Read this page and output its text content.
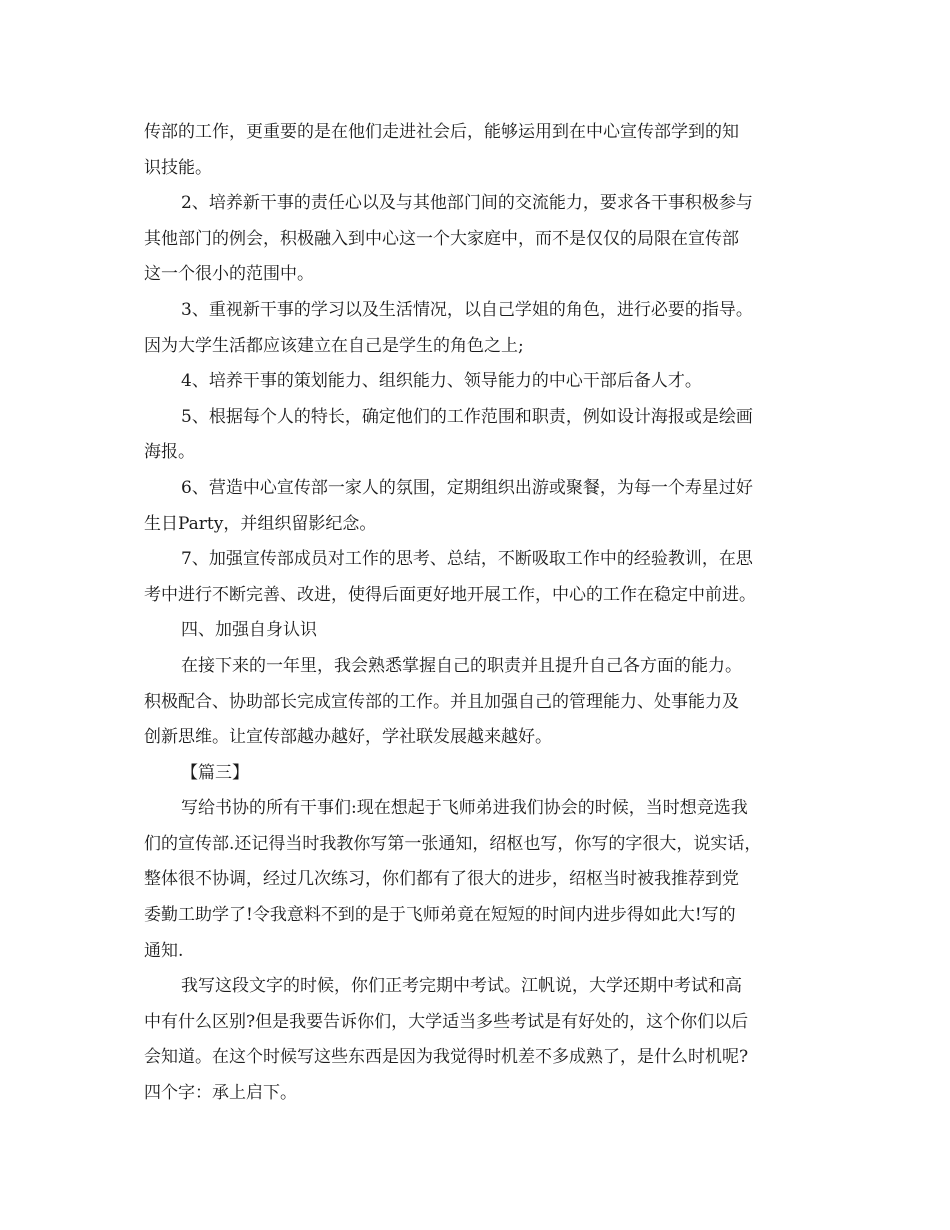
传部的工作，更重要的是在他们走进社会后，能够运用到在中心宣传部学到的知
识技能。
2、培养新干事的责任心以及与其他部门间的交流能力，要求各干事积极参与
其他部门的例会，积极融入到中心这一个大家庭中，而不是仅仅的局限在宣传部
这一个很小的范围中。
3、重视新干事的学习以及生活情况，以自己学姐的角色，进行必要的指导。
因为大学生活都应该建立在自己是学生的角色之上;
4、培养干事的策划能力、组织能力、领导能力的中心干部后备人才。
5、根据每个人的特长，确定他们的工作范围和职责，例如设计海报或是绘画
海报。
6、营造中心宣传部一家人的氛围，定期组织出游或聚餐，为每一个寿星过好
生日Party，并组织留影纪念。
7、加强宣传部成员对工作的思考、总结，不断吸取工作中的经验教训，在思
考中进行不断完善、改进，使得后面更好地开展工作，中心的工作在稳定中前进。
四、加强自身认识
在接下来的一年里，我会熟悉掌握自己的职责并且提升自己各方面的能力。
积极配合、协助部长完成宣传部的工作。并且加强自己的管理能力、处事能力及
创新思维。让宣传部越办越好，学社联发展越来越好。
【篇三】
写给书协的所有干事们:现在想起于飞师弟进我们协会的时候，当时想竞选我
们的宣传部.还记得当时我教你写第一张通知，绍枢也写，你写的字很大，说实话，
整体很不协调，经过几次练习，你们都有了很大的进步，绍枢当时被我推荐到党
委勤工助学了!令我意料不到的是于飞师弟竟在短短的时间内进步得如此大!写的
通知.
我写这段文字的时候，你们正考完期中考试。江帆说，大学还期中考试和高
中有什么区别?但是我要告诉你们，大学适当多些考试是有好处的，这个你们以后
会知道。在这个时候写这些东西是因为我觉得时机差不多成熟了，是什么时机呢?
四个字：承上启下。
